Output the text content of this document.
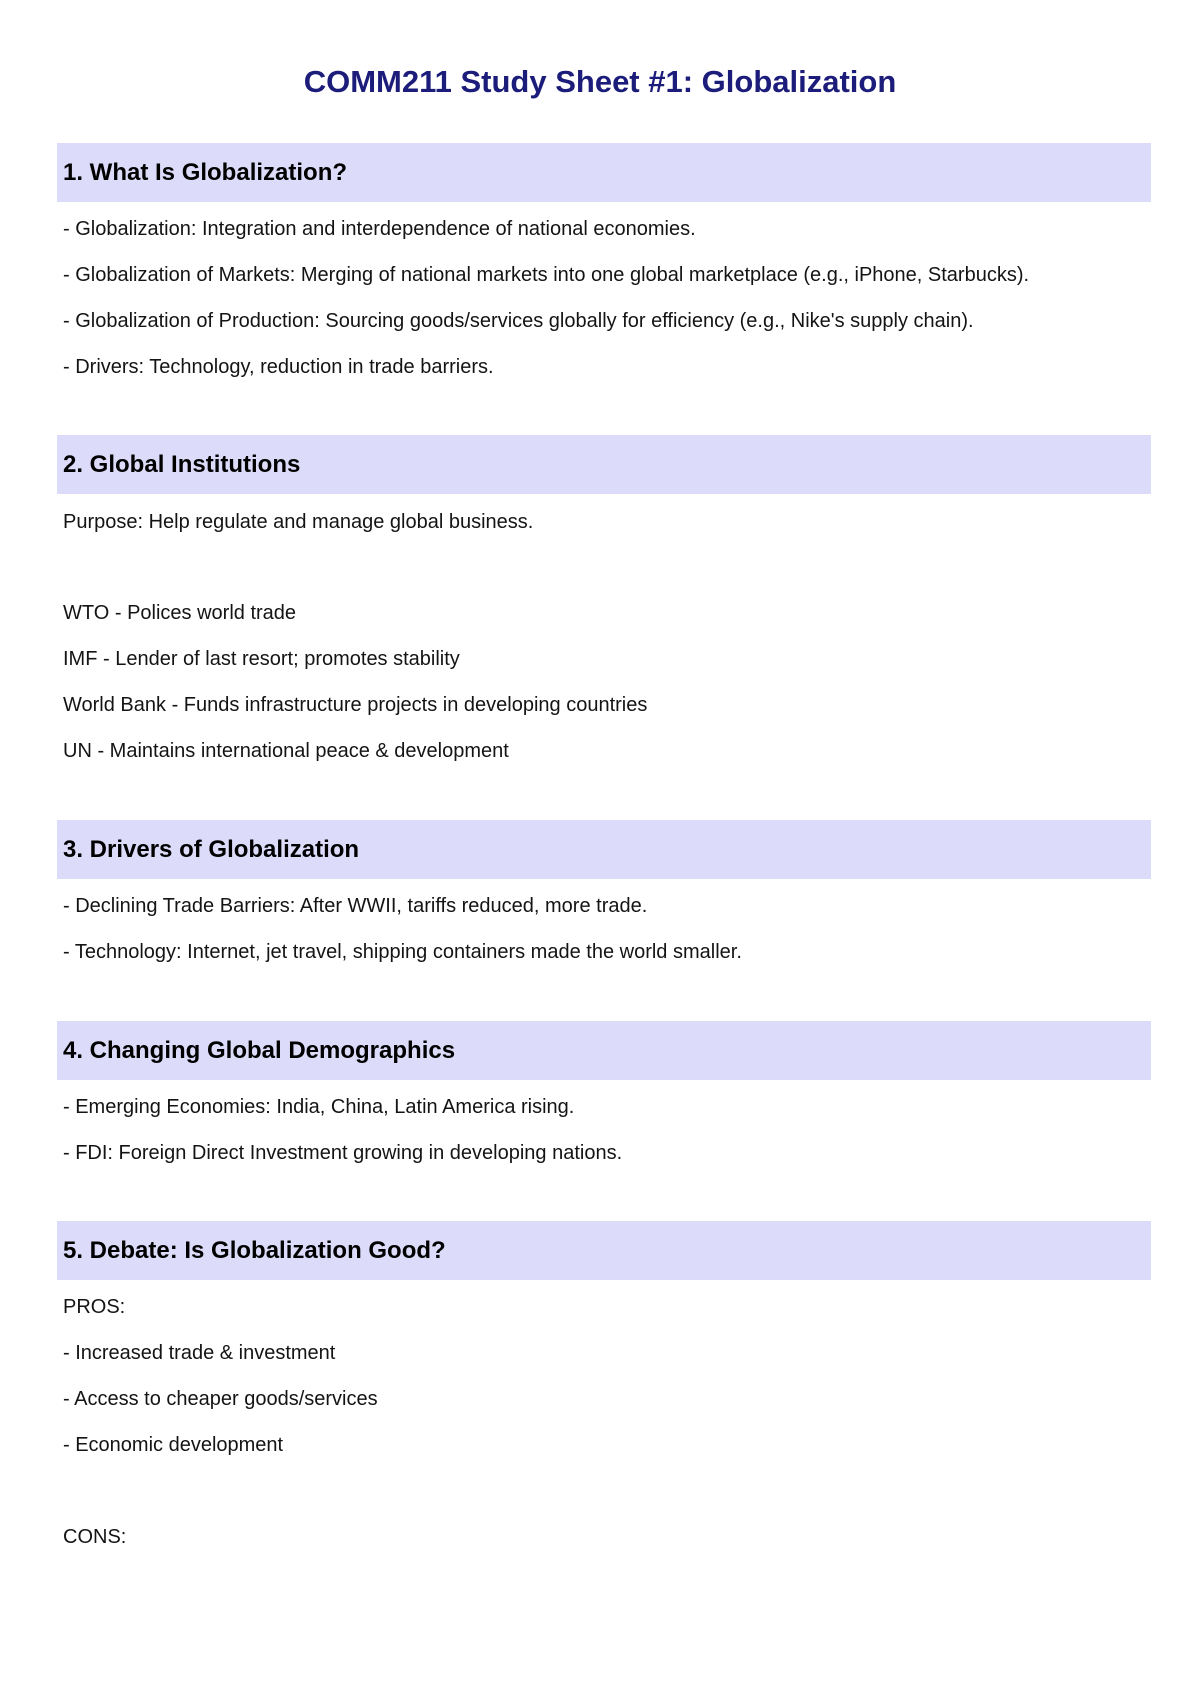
COMM211 Study Sheet #1: Globalization
1. What Is Globalization?
- Globalization: Integration and interdependence of national economies.
- Globalization of Markets: Merging of national markets into one global marketplace (e.g., iPhone, Starbucks).
- Globalization of Production: Sourcing goods/services globally for efficiency (e.g., Nike's supply chain).
- Drivers: Technology, reduction in trade barriers.
2. Global Institutions
Purpose: Help regulate and manage global business.
WTO - Polices world trade
IMF - Lender of last resort; promotes stability
World Bank - Funds infrastructure projects in developing countries
UN - Maintains international peace & development
3. Drivers of Globalization
- Declining Trade Barriers: After WWII, tariffs reduced, more trade.
- Technology: Internet, jet travel, shipping containers made the world smaller.
4. Changing Global Demographics
- Emerging Economies: India, China, Latin America rising.
- FDI: Foreign Direct Investment growing in developing nations.
5. Debate: Is Globalization Good?
PROS:
- Increased trade & investment
- Access to cheaper goods/services
- Economic development
CONS:
